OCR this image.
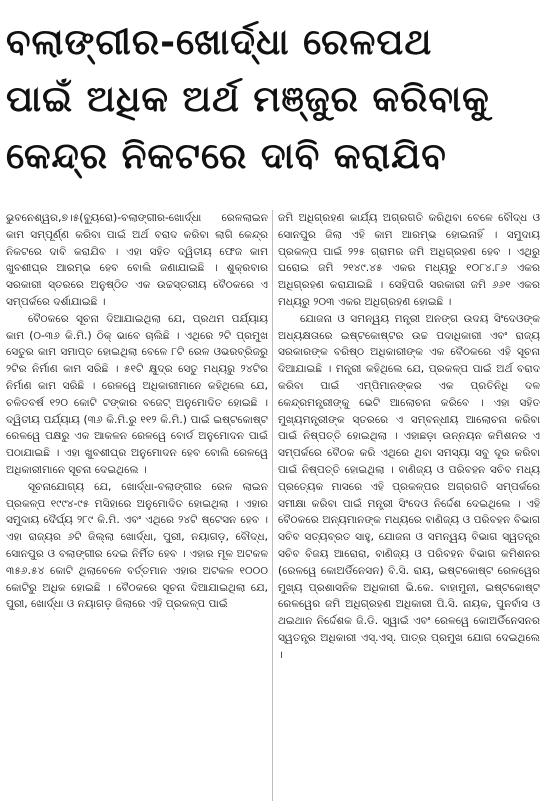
ବଲାଙ୍ଗୀର-ଖୋର୍ଦ୍ଧା ରେଳପଥ
ପାଇଁ ଅଧିକ ଅର୍ଥ ମଞ୍ଜୁର କରିବାକୁ
କେନ୍ଦ୍ର ନିକଟରେ ଦାବି କରାଯିବ

ଭୁବନେଶ୍ୱର,୭।୫(ବ୍ୟୁରୋ)-ବଲାଙ୍ଗୀର-ଖୋର୍ଦ୍ଧା ରେଳଲାଇନ କାମ ସମ୍ପୂର୍ଣ୍ଣ କରିବା ପାଇଁ ଅର୍ଥ ବରାଦ କରିବା ଲାଗି କେନ୍ଦ୍ର ନିକଟରେ ଦାବି କରାଯିବ । ଏହା ସହିତ ଦ୍ୱିତୀୟ ଫେଜ କାମ ଖୁବଶୀଘ୍ର ଆରମ୍ଭ ହେବ ବୋଲି ଜଣାଯାଇଛି । ଶୁକ୍ରବାର ସରକାରୀ ସ୍ତରରେ ଅନୁଷ୍ଠିତ ଏକ ଉଚ୍ଚସ୍ତରୀୟ ବୈଠକରେ ଏ ସମ୍ପର୍କରେ ଦର୍ଶାଯାଇଛି ।

ବୈଠକରେ ସୂଚନା ଦିଆଯାଇଥିଲା ଯେ, ପ୍ରଥମ ପର୍ଯ୍ୟାୟ କାମ (୦-୩୬ କି.ମି.) ଠିକ୍ ଭାବେ ଚାଲିଛି । ଏଥିରେ ୨ଟି ପ୍ରମୁଖ ସେତୁର କାମ ସମାପ୍ତ ହୋଇଥିଲା ବେଳେ ୮ଟି ରେଳ ଓଭରବ୍ରିଜରୁ ୨ଟିର ନିର୍ମାଣ କାମ ସରିଛି । ୫୧ଟି କ୍ଷୁଦ୍ର ସେତୁ ମଧ୍ୟରୁ ୨୪ଟିର ନିର୍ମାଣ କାମ ସରିଛି । ରେଳୱେ ଅଧିକାରୀମାନେ କହିଥିଲେ ଯେ, ଚଳିତବର୍ଷ ୧୨୦ କୋଟି ଟଙ୍କାର ବଜେଟ୍ ଅନୁମୋଦିତ ହୋଇଛି । ଦ୍ୱିତୀୟ ପର୍ଯ୍ୟାୟ (୩୬ କି.ମି.ରୁ ୧୧୨ କି.ମି.) ପାଇଁ ଇଷ୍ଟକୋଷ୍ଟ ରେଳୱେ ପକ୍ଷରୁ ଏକ ଆକଳନ ରେଳୱେ ବୋର୍ଡ ଅନୁମୋଦନ ପାଇଁ ପଠାଯାଇଛି । ଏହା ଖୁବଶୀଘ୍ର ଅନୁମୋଦନ ହେବ ବୋଲି ରେଳୱେ ଅଧିକାରୀମାନେ ସୂଚନା ଦେଇଥିଲେ ।

ସୂଚନାଯୋଗ୍ୟ ଯେ, ଖୋର୍ଦ୍ଧା-ବଲାଙ୍ଗୀର ରେଳ ଲାଇନ ପ୍ରକଳ୍ପ ୧୯୯୪-୯୫ ମସିହାରେ ଅନୁମୋଦିତ ହୋଇଥିଲା । ଏହାର ସମୁଦାୟ ଦୈର୍ଘ୍ୟ ୨୮୯ କି.ମି. ଏବଂ ଏଥିରେ ୨୪ଟି ଷ୍ଟେସନ ହେବ । ଏହା ରାଜ୍ୟର ୬ଟି ଜିଲ୍ଲା ଖୋର୍ଦ୍ଧା, ପୁରୀ, ନୟାଗଡ଼, ବୌଦ୍ଧ, ସୋନପୁର ଓ ବଲାଙ୍ଗୀର ଦେଇ ନିର୍ମିତ ହେବ । ଏହାର ମୂଳ ଅଟକଳ ୩୫୬.୫୪ କୋଟି ଥିଲାବେଳେ ବର୍ତ୍ତମାନ ଏହାର ଅଟକଳ ୧୦୦୦ କୋଟିରୁ ଅଧିକ ହୋଇଛି । ବୈଠକରେ ସୂଚନା ଦିଆଯାଇଥିଲା ଯେ, ପୁରୀ, ଖୋର୍ଦ୍ଧା ଓ ନୟାଗଡ଼ ଜିଲାରେ ଏହି ପ୍ରକଳ୍ପ ପାଇଁ

ଜମି ଅଧିଗ୍ରହଣ କାର୍ଯ୍ୟ ଅଗ୍ରଗତି କରିଥିବା ବେଳେ ବୌଦ୍ଧ ଓ ସୋନପୁର ଜିଲା ଏହି କାମ ଆରମ୍ଭ ହୋଇନାହିଁ । ସମୁଦାୟ ପ୍ରକଳ୍ପ ପାଇଁ ୨୨୫ ଗ୍ରାମର ଜମି ଅଧିଗ୍ରହଣ ହେବ । ଏଥିରୁ ଘରୋଇ ଜମି ୨୧୪୯.୪୫ ଏକର ମଧ୍ୟରୁ ୧୦୮୪.୮୬ ଏକର ଅଧିଗ୍ରହଣ କରାଯାଇଛି । ସେହିପରି ସରକାରୀ ଜମି ୬୬୧ ଏକର ମଧ୍ୟରୁ ୨୦୩ ଏକର ଅଧିଗ୍ରହଣ ହୋଇଛି ।

ଯୋଜନା ଓ ସମନ୍ୱୟ ମନ୍ତ୍ରୀ ଅନଙ୍ଗ ଉଦୟ ସିଂଦେଓଙ୍କ ଅଧ୍ୟକ୍ଷତାରେ ଇଷ୍ଟକୋଷ୍ଟର ଉଚ୍ଚ ପଦାଧିକାରୀ ଏବଂ ରାଜ୍ୟ ସରକାରଙ୍କ ବରିଷ୍ଠ ଅଧିକାରୀଙ୍କ ଏକ ବୈଠକରେ ଏହି ସୂଚନା ଦିଆଯାଇଛି । ମନ୍ତ୍ରୀ କହିଥିଲେ ଯେ, ପ୍ରକଳ୍ପ ପାଇଁ ଅର୍ଥ ବରାଦ କରିବା ପାଇଁ ଏମ୍ପିମାନଙ୍କର ଏକ ପ୍ରତିନିଧି ଦଳ କେନ୍ଦ୍ରମନ୍ତ୍ରୀଙ୍କୁ ଭେଟି ଆଲୋଚନା କରିବେ । ଏହା ସହିତ ମୁଖ୍ୟମନ୍ତ୍ରୀଙ୍କ ସ୍ତରରେ ଏ ସମ୍ବନ୍ଧୀୟ ଆଲୋଚନା କରିବା ପାଇଁ ନିଷ୍ପତ୍ତି ହୋଇଥିଲା । ଏହାଛଡ଼ା ଉନ୍ନୟନ କମିଶନର ଏ ସମ୍ପର୍କରେ ବୈଠକ କରି ଏଥିରେ ଥିବା ସମସ୍ୟା ସବୁ ଦୂର କରିବା ପାଇଁ ନିଷ୍ପତ୍ତି ହୋଇଥିଲା । ବାଣିଜ୍ୟ ଓ ପରିବହନ ସଚିବ ମଧ୍ୟ ପ୍ରତ୍ୟେକ ମାସରେ ଏହି ପ୍ରକଳ୍ପର ଅଗ୍ରଗତି ସମ୍ପର୍କରେ ସମୀକ୍ଷା କରିବା ପାଇଁ ମନ୍ତ୍ରୀ ସିଂଦେଓ ନିର୍ଦ୍ଦେଶ ଦେଇଥିଲେ । ଏହି ବୈଠକରେ ଅନ୍ୟମାନଙ୍କ ମଧ୍ୟରେ ବାଣିଜ୍ୟ ଓ ପରିବହନ ବିଭାଗ ସଚିବ ସତ୍ୟବ୍ରତ ସାହୁ, ଯୋଜନା ଓ ସମନ୍ୱୟ ବିଭାଗ ସ୍ୱତନ୍ତ୍ର ସଚିବ ବିଜୟ ଆରୋରା, ବାଣିଜ୍ୟ ଓ ପରିବହନ ବିଭାଗ କମିଶନର (ରେଳୱେ କୋଅର୍ଡିନେସନ) ବି.ସି. ରାୟ, ଇଷ୍ଟକୋଷ୍ଟ ରେଳୱେର ମୁଖ୍ୟ ପ୍ରଶାସନିକ ଅଧିକାରୀ ଭି.କେ. ବାହାମୁନୀ, ଇଷ୍ଟକୋଷ୍ଟ ରେଳୱେର ଜମି ଅଧିଗ୍ରହଣ ଅଧିକାରୀ ପି.ସି. ନାୟକ, ପୁନର୍ବାସ ଓ ଥଇଥାନ ନିର୍ଦ୍ଦେଶକ ଜି.ଡି. ସ୍ୱାଇଁ ଏବଂ ରେଳୱେ କୋଅର୍ଡିନେସନର ସ୍ୱତନ୍ତ୍ର ଅଧିକାରୀ ଏସ୍.ଏସ୍. ପାତ୍ର ପ୍ରମୁଖ ଯୋଗ ଦେଇଥିଲେ ।
